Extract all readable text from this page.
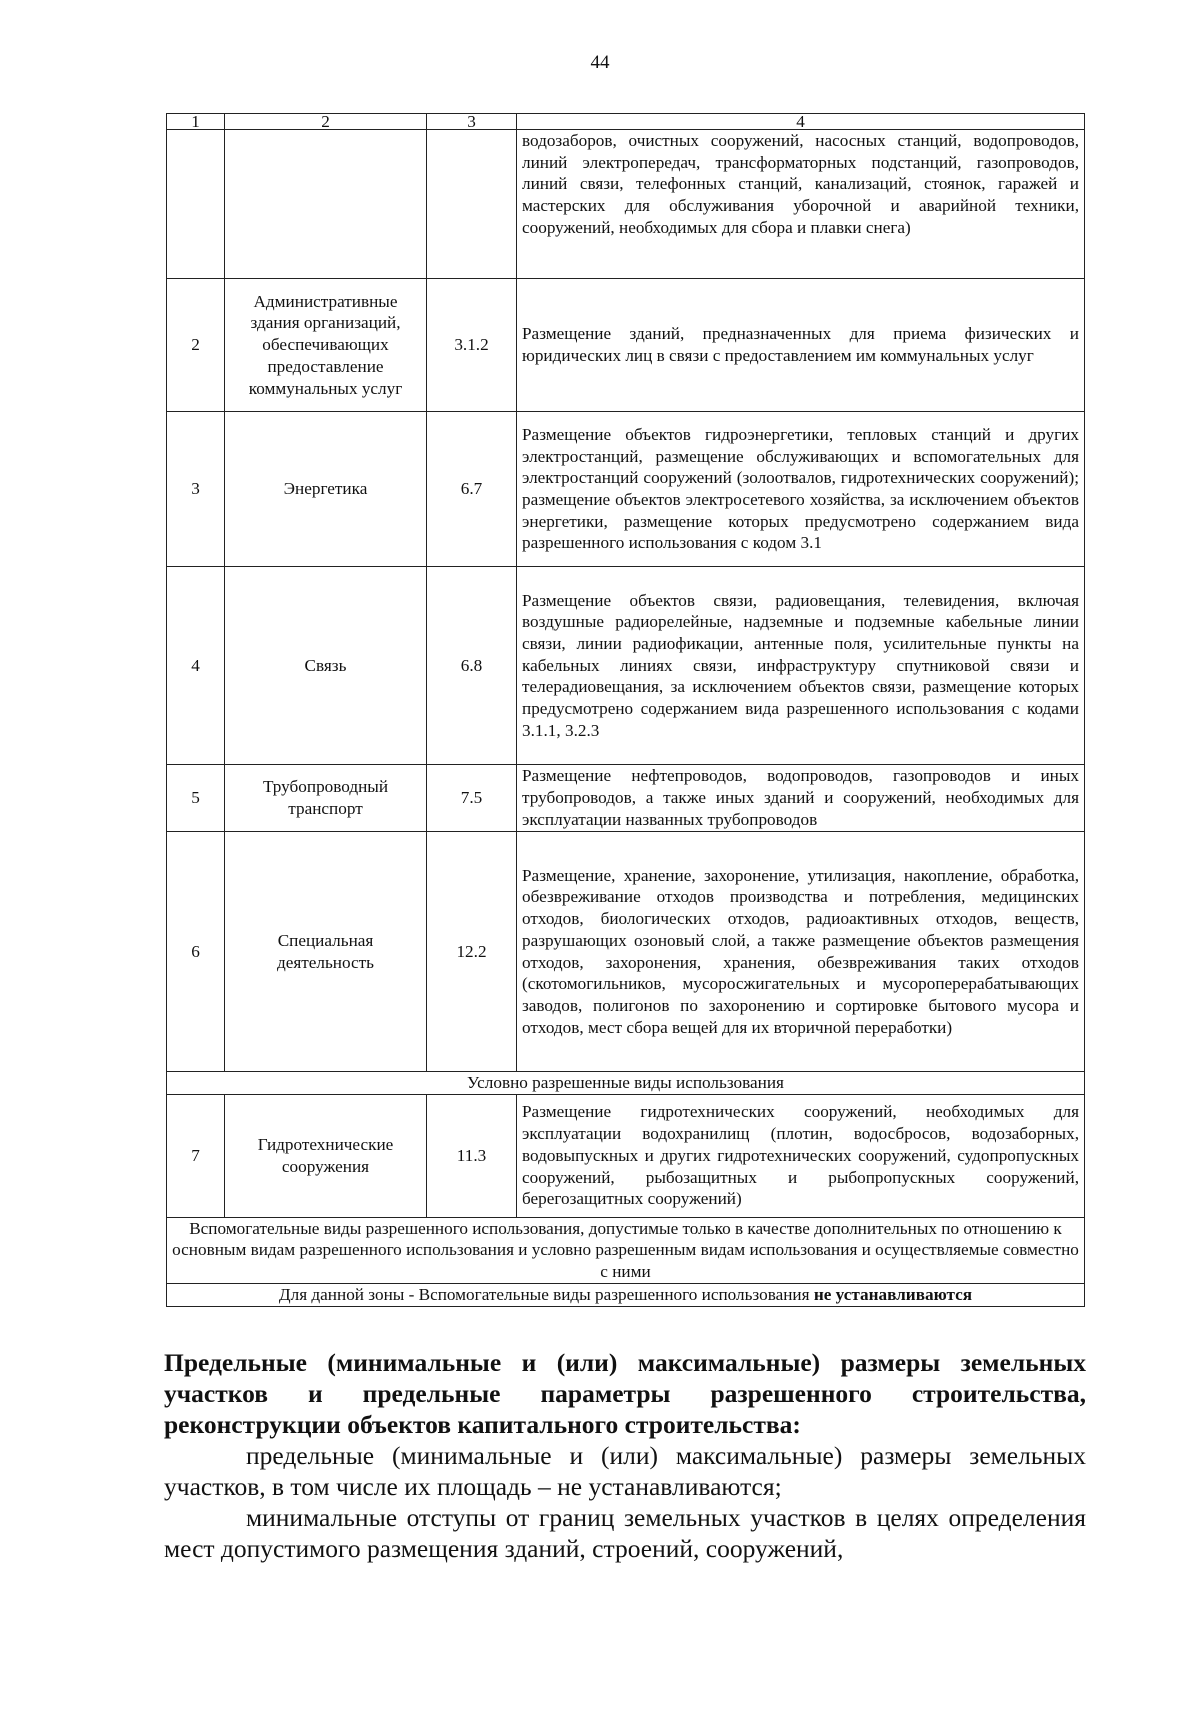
44
1	2	3	4
			водозаборов, очистных сооружений, насосных станций, водопроводов, линий электропередач, трансформаторных подстанций, газопроводов, линий связи, телефонных станций, канализаций, стоянок, гаражей и мастерских для обслуживания уборочной и аварийной техники, сооружений, необходимых для сбора и плавки снега)
2	Административные здания организаций, обеспечивающих предоставление коммунальных услуг	3.1.2	Размещение зданий, предназначенных для приема физических и юридических лиц в связи с предоставлением им коммунальных услуг
3	Энергетика	6.7	Размещение объектов гидроэнергетики, тепловых станций и других электростанций, размещение обслуживающих и вспомогательных для электростанций сооружений (золоотвалов, гидротехнических сооружений); размещение объектов электросетевого хозяйства, за исключением объектов энергетики, размещение которых предусмотрено содержанием вида разрешенного использования с кодом 3.1
4	Связь	6.8	Размещение объектов связи, радиовещания, телевидения, включая воздушные радиорелейные, надземные и подземные кабельные линии связи, линии радиофикации, антенные поля, усилительные пункты на кабельных линиях связи, инфраструктуру спутниковой связи и телерадиовещания, за исключением объектов связи, размещение которых предусмотрено содержанием вида разрешенного использования с кодами 3.1.1, 3.2.3
5	Трубопроводный транспорт	7.5	Размещение нефтепроводов, водопроводов, газопроводов и иных трубопроводов, а также иных зданий и сооружений, необходимых для эксплуатации названных трубопроводов
6	Специальная деятельность	12.2	Размещение, хранение, захоронение, утилизация, накопление, обработка, обезвреживание отходов производства и потребления, медицинских отходов, биологических отходов, радиоактивных отходов, веществ, разрушающих озоновый слой, а также размещение объектов размещения отходов, захоронения, хранения, обезвреживания таких отходов (скотомогильников, мусоросжигательных и мусороперерабатывающих заводов, полигонов по захоронению и сортировке бытового мусора и отходов, мест сбора вещей для их вторичной переработки)
Условно разрешенные виды использования			
7	Гидротехнические сооружения	11.3	Размещение гидротехнических сооружений, необходимых для эксплуатации водохранилищ (плотин, водосбросов, водозаборных, водовыпускных и других гидротехнических сооружений, судопропускных сооружений, рыбозащитных и рыбопропускных сооружений, берегозащитных сооружений)
Вспомогательные виды разрешенного использования, допустимые только в качестве дополнительных по отношению к основным видам разрешенного использования и условно разрешенным видам использования и осуществляемые совместно с ними			
Для данной зоны - Вспомогательные виды разрешенного использования не устанавливаются			
Предельные (минимальные и (или) максимальные) размеры земельных участков и предельные параметры разрешенного строительства, реконструкции объектов капитального строительства:
предельные (минимальные и (или) максимальные) размеры земельных участков, в том числе их площадь – не устанавливаются;
минимальные отступы от границ земельных участков в целях определения мест допустимого размещения зданий, строений, сооружений,
